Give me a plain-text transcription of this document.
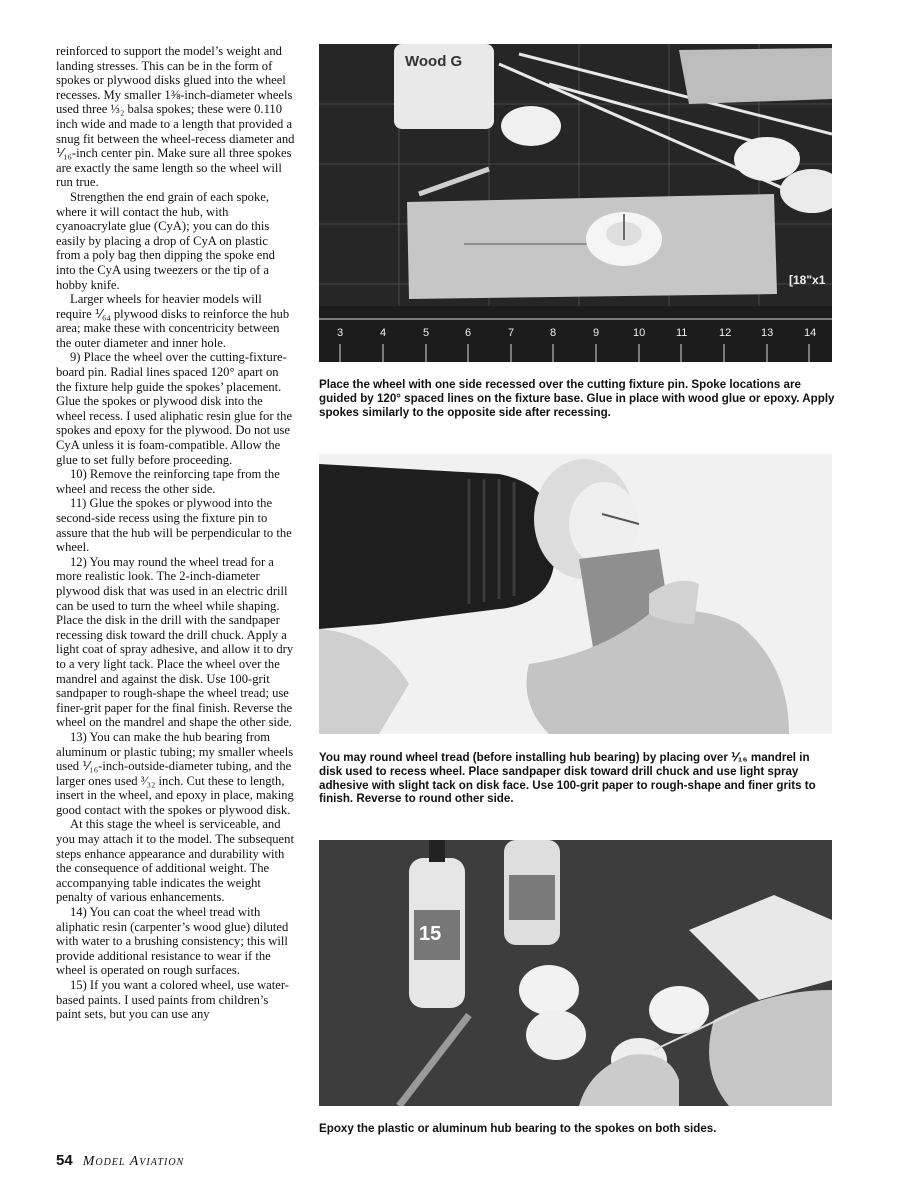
reinforced to support the model’s weight and landing stresses. This can be in the form of spokes or plywood disks glued into the wheel recesses. My smaller 1⅜-inch-diameter wheels used three ⅓₂ balsa spokes; these were 0.110 inch wide and made to a length that provided a snug fit between the wheel-recess diameter and ⅟₁₆-inch center pin. Make sure all three spokes are exactly the same length so the wheel will run true.

Strengthen the end grain of each spoke, where it will contact the hub, with cyanoacrylate glue (CyA); you can do this easily by placing a drop of CyA on plastic from a poly bag then dipping the spoke end into the CyA using tweezers or the tip of a hobby knife.

Larger wheels for heavier models will require ⅟₆₄ plywood disks to reinforce the hub area; make these with concentricity between the outer diameter and inner hole.

9) Place the wheel over the cutting-fixture-board pin. Radial lines spaced 120° apart on the fixture help guide the spokes’ placement. Glue the spokes or plywood disk into the wheel recess. I used aliphatic resin glue for the spokes and epoxy for the plywood. Do not use CyA unless it is foam-compatible. Allow the glue to set fully before proceeding.

10) Remove the reinforcing tape from the wheel and recess the other side.

11) Glue the spokes or plywood into the second-side recess using the fixture pin to assure that the hub will be perpendicular to the wheel.

12) You may round the wheel tread for a more realistic look. The 2-inch-diameter plywood disk that was used in an electric drill can be used to turn the wheel while shaping. Place the disk in the drill with the sandpaper recessing disk toward the drill chuck. Apply a light coat of spray adhesive, and allow it to dry to a very light tack. Place the wheel over the mandrel and against the disk. Use 100-grit sandpaper to rough-shape the wheel tread; use finer-grit paper for the final finish. Reverse the wheel on the mandrel and shape the other side.

13) You can make the hub bearing from aluminum or plastic tubing; my smaller wheels used ⅟₁₆-inch-outside-diameter tubing, and the larger ones used ³⁄₃₂ inch. Cut these to length, insert in the wheel, and epoxy in place, making good contact with the spokes or plywood disk.

At this stage the wheel is serviceable, and you may attach it to the model. The subsequent steps enhance appearance and durability with the consequence of additional weight. The accompanying table indicates the weight penalty of various enhancements.

14) You can coat the wheel tread with aliphatic resin (carpenter’s wood glue) diluted with water to a brushing consistency; this will provide additional resistance to wear if the wheel is operated on rough surfaces.

15) If you want a colored wheel, use water-based paints. I used paints from children’s paint sets, but you can use any

Wood G
3	4	5	6	7	8	9	10	11	12	13	14
[18"x1
Place the wheel with one side recessed over the cutting fixture pin. Spoke locations are guided by 120° spaced lines on the fixture base. Glue in place with wood glue or epoxy. Apply spokes similarly to the opposite side after recessing.
You may round wheel tread (before installing hub bearing) by placing over ⅟₁₆ mandrel in disk used to recess wheel. Place sandpaper disk toward drill chuck and use light spray adhesive with slight tack on disk face. Use 100-grit paper to rough-shape and finer grits to finish. Reverse to round other side.
15
Epoxy the plastic or aluminum hub bearing to the spokes on both sides.
54 Model Aviation
